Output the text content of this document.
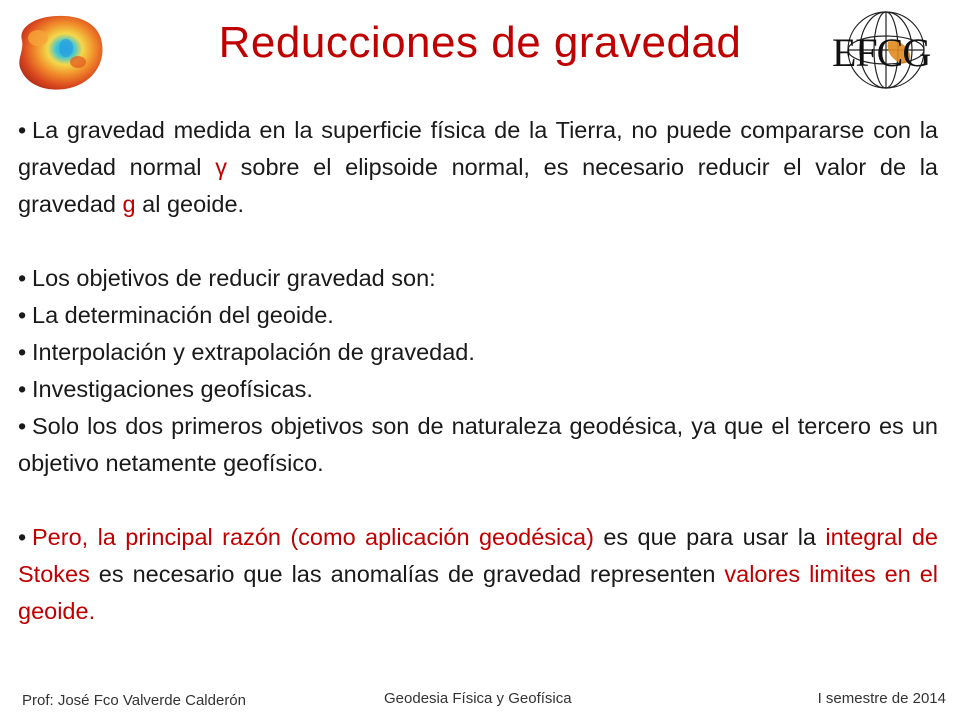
Reducciones de gravedad	EFCG

• La gravedad medida en la superficie física de la Tierra, no puede compararse con la gravedad normal γ sobre el elipsoide normal, es necesario reducir el valor de la gravedad g al geoide.

• Los objetivos de reducir gravedad son:

• La determinación del geoide.

• Interpolación y extrapolación de gravedad.

• Investigaciones geofísicas.

• Solo los dos primeros objetivos son de naturaleza geodésica, ya que el tercero es un objetivo netamente geofísico.

• Pero, la principal razón (como aplicación geodésica) es que para usar la integral de Stokes es necesario que las anomalías de gravedad representen valores limites en el geoide.

Prof: José Fco Valverde Calderón	Geodesia Física y Geofísica	I semestre de 2014
